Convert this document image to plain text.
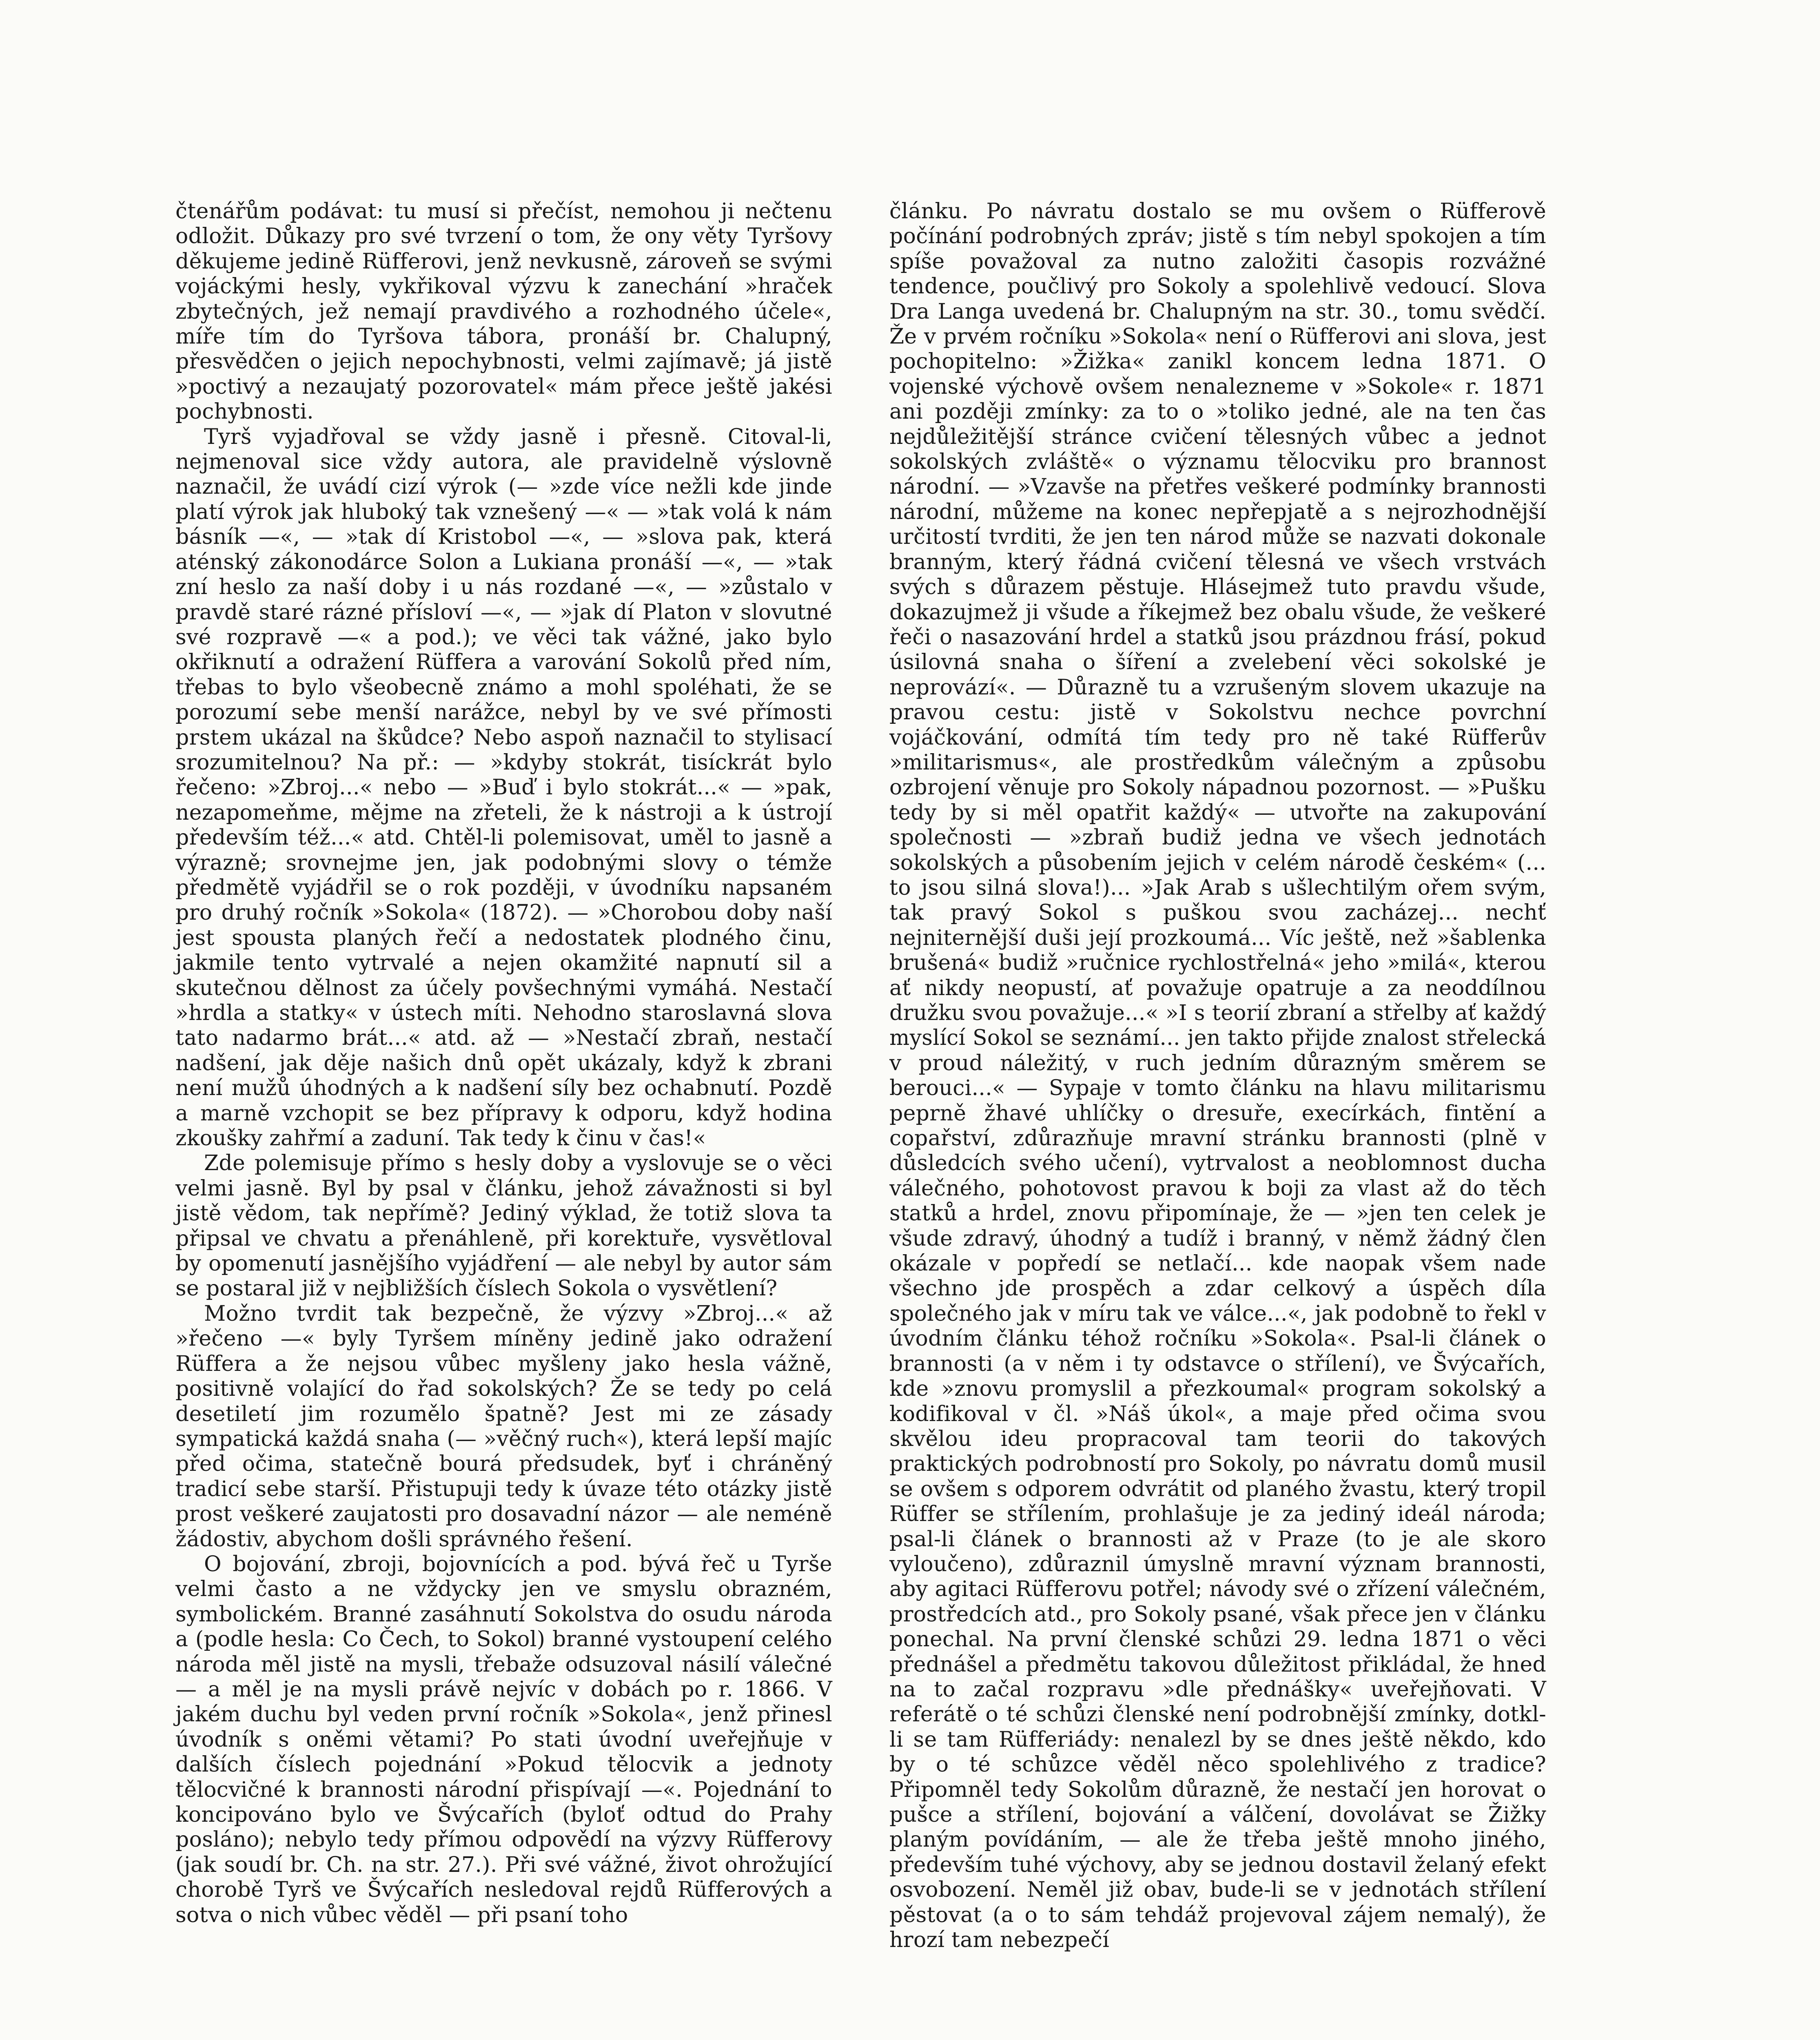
čtenářům podávat: tu musí si přečíst, nemohou ji nečtenu odložit. Důkazy pro své tvrzení o tom, že ony věty Tyršovy děkujeme jedině Rüfferovi, jenž nevkusně, zároveň se svými vojáckými hesly, vykřikoval výzvu k zanechání »hraček zbytečných, jež nemají pravdivého a rozhodného účele«, míře tím do Tyršova tábora, pronáší br. Chalupný, přesvědčen o jejich nepochybnosti, velmi zajímavě; já jistě »poctivý a nezaujatý pozorovatel« mám přece ještě jakési pochybnosti.

Tyrš vyjadřoval se vždy jasně i přesně. Citoval-li, nejmenoval sice vždy autora, ale pravidelně výslovně naznačil, že uvádí cizí výrok (— »zde více nežli kde jinde platí výrok jak hluboký tak vznešený —« — »tak volá k nám básník —«, — »tak dí Kristobol —«, — »slova pak, která aténský zákonodárce Solon a Lukiana pronáší —«, — »tak zní heslo za naší doby i u nás rozdané —«, — »zůstalo v pravdě staré rázné přísloví —«, — »jak dí Platon v slovutné své rozpravě —« a pod.); ve věci tak vážné, jako bylo okřiknutí a odražení Rüffera a varování Sokolů před ním, třebas to bylo všeobecně známo a mohl spoléhati, že se porozumí sebe menší narážce, nebyl by ve své přímosti prstem ukázal na škůdce? Nebo aspoň naznačil to stylisací srozumitelnou? Na př.: — »kdyby stokrát, tisíckrát bylo řečeno: »Zbroj...« nebo — »Buď i bylo stokrát...« — »pak, nezapomeňme, mějme na zřeteli, že k nástroji a k ústrojí především též...« atd. Chtěl-li polemisovat, uměl to jasně a výrazně; srovnejme jen, jak podobnými slovy o témže předmětě vyjádřil se o rok později, v úvodníku napsaném pro druhý ročník »Sokola« (1872). — »Chorobou doby naší jest spousta planých řečí a nedostatek plodného činu, jakmile tento vytrvalé a nejen okamžité napnutí sil a skutečnou dělnost za účely povšechnými vymáhá. Nestačí »hrdla a statky« v ústech míti. Nehodno staroslavná slova tato nadarmo brát...« atd. až — »Nestačí zbraň, nestačí nadšení, jak děje našich dnů opět ukázaly, když k zbrani není mužů úhodných a k nadšení síly bez ochabnutí. Pozdě a marně vzchopit se bez přípravy k odporu, když hodina zkoušky zahřmí a zaduní. Tak tedy k činu v čas!«

Zde polemisuje přímo s hesly doby a vyslovuje se o věci velmi jasně. Byl by psal v článku, jehož závažnosti si byl jistě vědom, tak nepřímě? Jediný výklad, že totiž slova ta připsal ve chvatu a přenáhleně, při korektuře, vysvětloval by opomenutí jasnějšího vyjádření — ale nebyl by autor sám se postaral již v nejbližších číslech Sokola o vysvětlení?

Možno tvrdit tak bezpečně, že výzvy »Zbroj...« až »řečeno —« byly Tyršem míněny jedině jako odražení Rüffera a že nejsou vůbec myšleny jako hesla vážně, positivně volající do řad sokolských? Že se tedy po celá desetiletí jim rozumělo špatně? Jest mi ze zásady sympatická každá snaha (— »věčný ruch«), která lepší majíc před očima, statečně bourá předsudek, byť i chráněný tradicí sebe starší. Přistupuji tedy k úvaze této otázky jistě prost veškeré zaujatosti pro dosavadní názor — ale neméně žádostiv, abychom došli správného řešení.

O bojování, zbroji, bojovnících a pod. bývá řeč u Tyrše velmi často a ne vždycky jen ve smyslu obrazném, symbolickém. Branné zasáhnutí Sokolstva do osudu národa a (podle hesla: Co Čech, to Sokol) branné vystoupení celého národa měl jistě na mysli, třebaže odsuzoval násilí válečné — a měl je na mysli právě nejvíc v dobách po r. 1866. V jakém duchu byl veden první ročník »Sokola«, jenž přinesl úvodník s oněmi větami? Po stati úvodní uveřejňuje v dalších číslech pojednání »Pokud tělocvik a jednoty tělocvičné k brannosti národní přispívají —«. Pojednání to koncipováno bylo ve Švýcařích (byloť odtud do Prahy posláno); nebylo tedy přímou odpovědí na výzvy Rüfferovy (jak soudí br. Ch. na str. 27.). Při své vážné, život ohrožující chorobě Tyrš ve Švýcařích nesledoval rejdů Rüfferových a sotva o nich vůbec věděl — při psaní toho

článku. Po návratu dostalo se mu ovšem o Rüfferově počínání podrobných zpráv; jistě s tím nebyl spokojen a tím spíše považoval za nutno založiti časopis rozvážné tendence, poučlivý pro Sokoly a spolehlivě vedoucí. Slova Dra Langa uvedená br. Chalupným na str. 30., tomu svědčí. Že v prvém ročníku »Sokola« není o Rüfferovi ani slova, jest pochopitelno: »Žižka« zanikl koncem ledna 1871. O vojenské výchově ovšem nenalezneme v »Sokole« r. 1871 ani později zmínky: za to o »toliko jedné, ale na ten čas nejdůležitější stránce cvičení tělesných vůbec a jednot sokolských zvláště« o významu tělocviku pro brannost národní. — »Vzavše na přetřes veškeré podmínky brannosti národní, můžeme na konec nepřepjatě a s nejrozhodnější určitostí tvrditi, že jen ten národ může se nazvati dokonale branným, který řádná cvičení tělesná ve všech vrstvách svých s důrazem pěstuje. Hlásejmež tuto pravdu všude, dokazujmež ji všude a říkejmež bez obalu všude, že veškeré řeči o nasazování hrdel a statků jsou prázdnou frásí, pokud úsilovná snaha o šíření a zvelebení věci sokolské je neprovází«. — Důrazně tu a vzrušeným slovem ukazuje na pravou cestu: jistě v Sokolstvu nechce povrchní vojáčkování, odmítá tím tedy pro ně také Rüfferův »militarismus«, ale prostředkům válečným a způsobu ozbrojení věnuje pro Sokoly nápadnou pozornost. — »Pušku tedy by si měl opatřit každý« — utvořte na zakupování společnosti — »zbraň budiž jedna ve všech jednotách sokolských a působením jejich v celém národě českém« (... to jsou silná slova!)... »Jak Arab s ušlechtilým ořem svým, tak pravý Sokol s puškou svou zacházej... nechť nejniternější duši její prozkoumá... Víc ještě, než »šablenka brušená« budiž »ručnice rychlostřelná« jeho »milá«, kterou ať nikdy neopustí, ať považuje opatruje a za neoddílnou družku svou považuje...« »I s teorií zbraní a střelby ať každý myslící Sokol se seznámí... jen takto přijde znalost střelecká v proud náležitý, v ruch jedním důrazným směrem se berouci...« — Sypaje v tomto článku na hlavu militarismu peprně žhavé uhlíčky o dresuře, execírkách, fintění a copařství, zdůrazňuje mravní stránku brannosti (plně v důsledcích svého učení), vytrvalost a neoblomnost ducha válečného, pohotovost pravou k boji za vlast až do těch statků a hrdel, znovu připomínaje, že — »jen ten celek je všude zdravý, úhodný a tudíž i branný, v němž žádný člen okázale v popředí se netlačí... kde naopak všem nade všechno jde prospěch a zdar celkový a úspěch díla společného jak v míru tak ve válce...«, jak podobně to řekl v úvodním článku téhož ročníku »Sokola«. Psal-li článek o brannosti (a v něm i ty odstavce o střílení), ve Švýcařích, kde »znovu promyslil a přezkoumal« program sokolský a kodifikoval v čl. »Náš úkol«, a maje před očima svou skvělou ideu propracoval tam teorii do takových praktických podrobností pro Sokoly, po návratu domů musil se ovšem s odporem odvrátit od planého žvastu, který tropil Rüffer se střílením, prohlašuje je za jediný ideál národa; psal-li článek o brannosti až v Praze (to je ale skoro vyloučeno), zdůraznil úmyslně mravní význam brannosti, aby agitaci Rüfferovu potřel; návody své o zřízení válečném, prostředcích atd., pro Sokoly psané, však přece jen v článku ponechal. Na první členské schůzi 29. ledna 1871 o věci přednášel a předmětu takovou důležitost přikládal, že hned na to začal rozpravu »dle přednášky« uveřejňovati. V referátě o té schůzi členské není podrobnější zmínky, dotkl-li se tam Rüfferiády: nenalezl by se dnes ještě někdo, kdo by o té schůzce věděl něco spolehlivého z tradice? Připomněl tedy Sokolům důrazně, že nestačí jen horovat o pušce a střílení, bojování a válčení, dovolávat se Žižky planým povídáním, — ale že třeba ještě mnoho jiného, především tuhé výchovy, aby se jednou dostavil želaný efekt osvobození. Neměl již obav, bude-li se v jednotách střílení pěstovat (a o to sám tehdáž projevoval zájem nemalý), že hrozí tam nebezpečí
